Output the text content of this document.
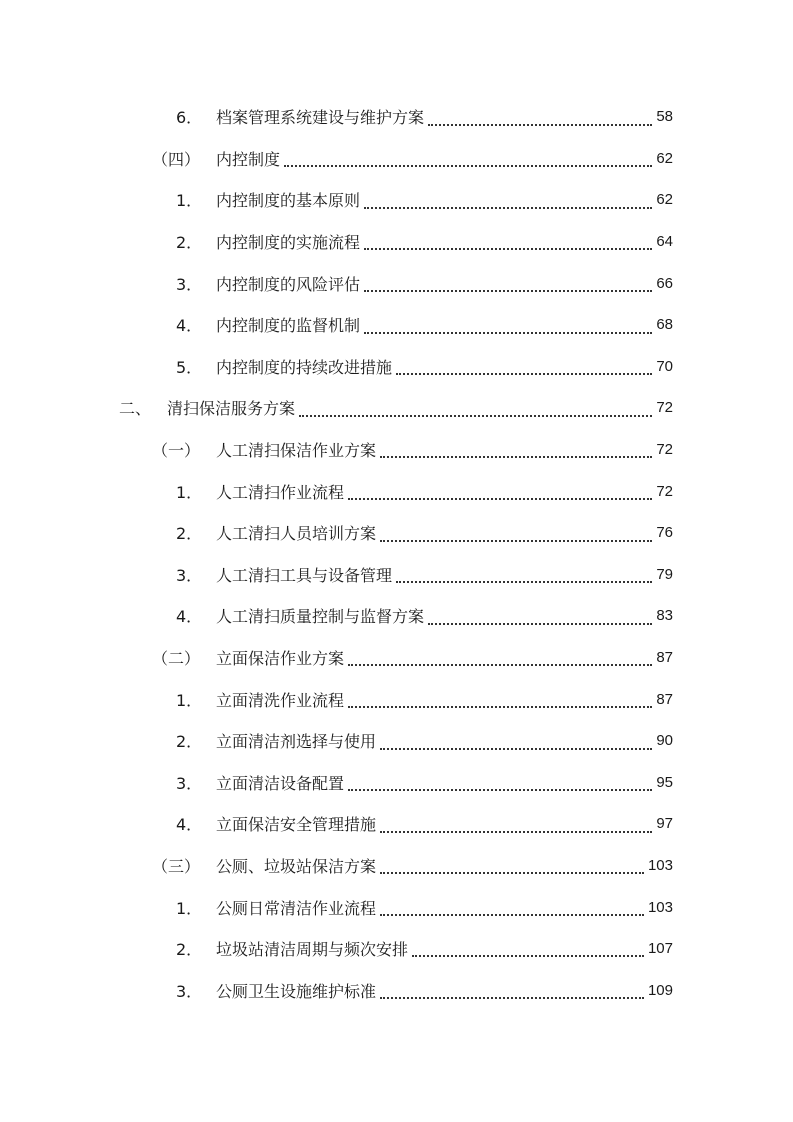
6． 档案管理系统建设与维护方案	58
（四） 内控制度	62
1． 内控制度的基本原则	62
2． 内控制度的实施流程	64
3． 内控制度的风险评估	66
4． 内控制度的监督机制	68
5． 内控制度的持续改进措施	70
二、 清扫保洁服务方案	72
（一） 人工清扫保洁作业方案	72
1． 人工清扫作业流程	72
2． 人工清扫人员培训方案	76
3． 人工清扫工具与设备管理	79
4． 人工清扫质量控制与监督方案	83
（二） 立面保洁作业方案	87
1． 立面清洗作业流程	87
2． 立面清洁剂选择与使用	90
3． 立面清洁设备配置	95
4． 立面保洁安全管理措施	97
（三） 公厕、垃圾站保洁方案	103
1． 公厕日常清洁作业流程	103
2． 垃圾站清洁周期与频次安排	107
3． 公厕卫生设施维护标准	109
